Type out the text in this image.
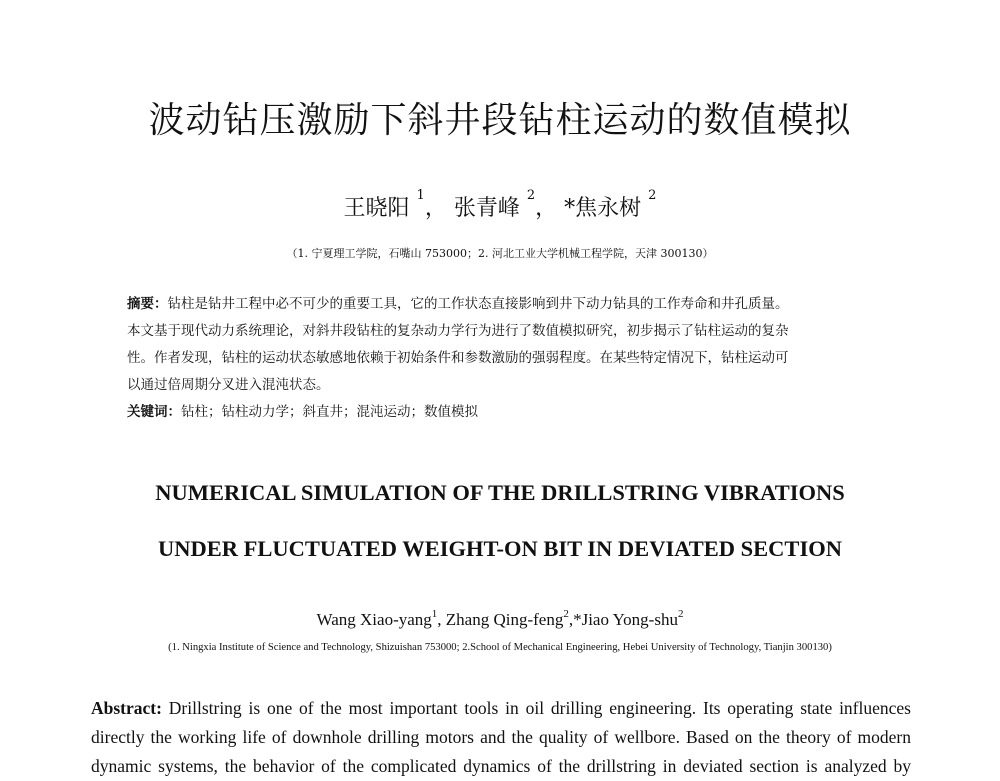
波动钻压激励下斜井段钻柱运动的数值模拟
王晓阳 $^1$， 张青峰 $^2$， *焦永树 $^2$
（1. 宁夏理工学院，石嘴山 753000；2. 河北工业大学机械工程学院，天津 300130）
摘要：钻柱是钻井工程中必不可少的重要工具，它的工作状态直接影响到井下动力钻具的工作寿命和井孔质量。
本文基于现代动力系统理论，对斜井段钻柱的复杂动力学行为进行了数值模拟研究，初步揭示了钻柱运动的复杂
性。作者发现，钻柱的运动状态敏感地依赖于初始条件和参数激励的强弱程度。在某些特定情况下，钻柱运动可
以通过倍周期分叉进入混沌状态。
关键词：钻柱；钻柱动力学；斜直井；混沌运动；数值模拟
NUMERICAL SIMULATION OF THE DRILLSTRING VIBRATIONS
UNDER FLUCTUATED WEIGHT-ON BIT IN DEVIATED SECTION
Wang Xiao-yang$^1$, Zhang Qing-feng$^2$,*Jiao Yong-shu$^2$
(1. Ningxia Institute of Science and Technology, Shizuishan 753000; 2.School of Mechanical Engineering, Hebei University of Technology, Tianjin 300130)
Abstract: Drillstring is one of the most important tools in oil drilling engineering. Its operating state influences
directly the working life of downhole drilling motors and the quality of wellbore. Based on the theory of modern
dynamic systems, the behavior of the complicated dynamics of the drillstring in deviated section is analyzed by
